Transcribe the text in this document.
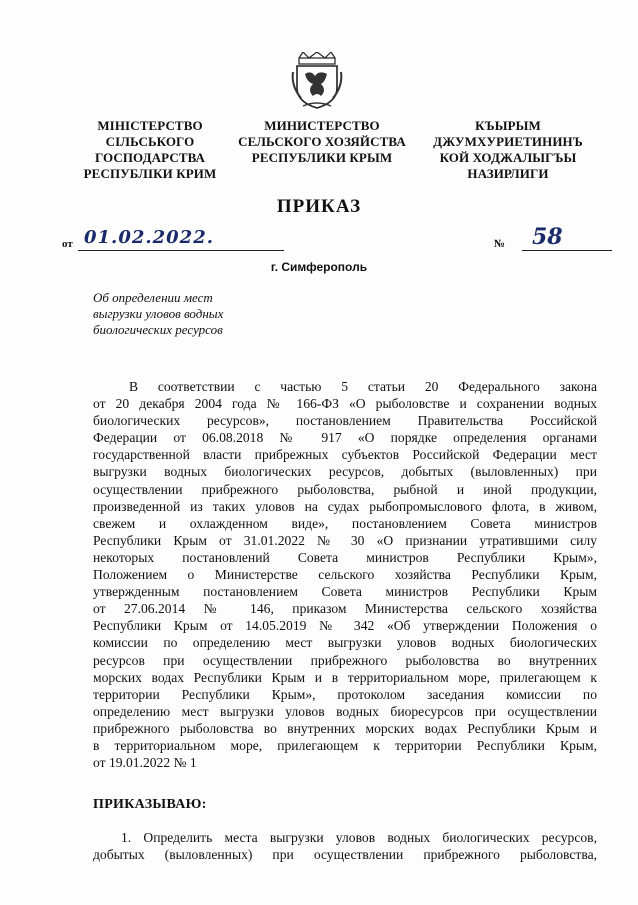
МІНІСТЕРСТВО
СІЛЬСЬКОГО
ГОСПОДАРСТВА
РЕСПУБЛІКИ КРИМ
МИНИСТЕРСТВО
СЕЛЬСКОГО ХОЗЯЙСТВА
РЕСПУБЛИКИ КРЫМ
КЪЫРЫМ
ДЖУМХУРИЕТИНИНЪ
КОЙ ХОДЖАЛЫГЪЫ
НАЗИРЛИГИ
ПРИКАЗ
от 01.02.2022.	№ 58
г. Симферополь
Об определении мест
выгрузки уловов водных
биологических ресурсов
В соответствии с частью 5 статьи 20 Федерального закона
от 20 декабря 2004 года № 166-ФЗ «О рыболовстве и сохранении водных
биологических ресурсов», постановлением Правительства Российской
Федерации от 06.08.2018 № 917 «О порядке определения органами
государственной власти прибрежных субъектов Российской Федерации мест
выгрузки водных биологических ресурсов, добытых (выловленных) при
осуществлении прибрежного рыболовства, рыбной и иной продукции,
произведенной из таких уловов на судах рыбопромыслового флота, в живом,
свежем и охлажденном виде», постановлением Совета министров
Республики Крым от 31.01.2022 № 30 «О признании утратившими силу
некоторых постановлений Совета министров Республики Крым»,
Положением о Министерстве сельского хозяйства Республики Крым,
утвержденным постановлением Совета министров Республики Крым
от 27.06.2014 № 146, приказом Министерства сельского хозяйства
Республики Крым от 14.05.2019 № 342 «Об утверждении Положения о
комиссии по определению мест выгрузки уловов водных биологических
ресурсов при осуществлении прибрежного рыболовства во внутренних
морских водах Республики Крым и в территориальном море, прилегающем к
территории Республики Крым», протоколом заседания комиссии по
определению мест выгрузки уловов водных биоресурсов при осуществлении
прибрежного рыболовства во внутренних морских водах Республики Крым и
в территориальном море, прилегающем к территории Республики Крым,
от 19.01.2022 № 1
ПРИКАЗЫВАЮ:
1. Определить места выгрузки уловов водных биологических ресурсов,
добытых (выловленных) при осуществлении прибрежного рыболовства,
